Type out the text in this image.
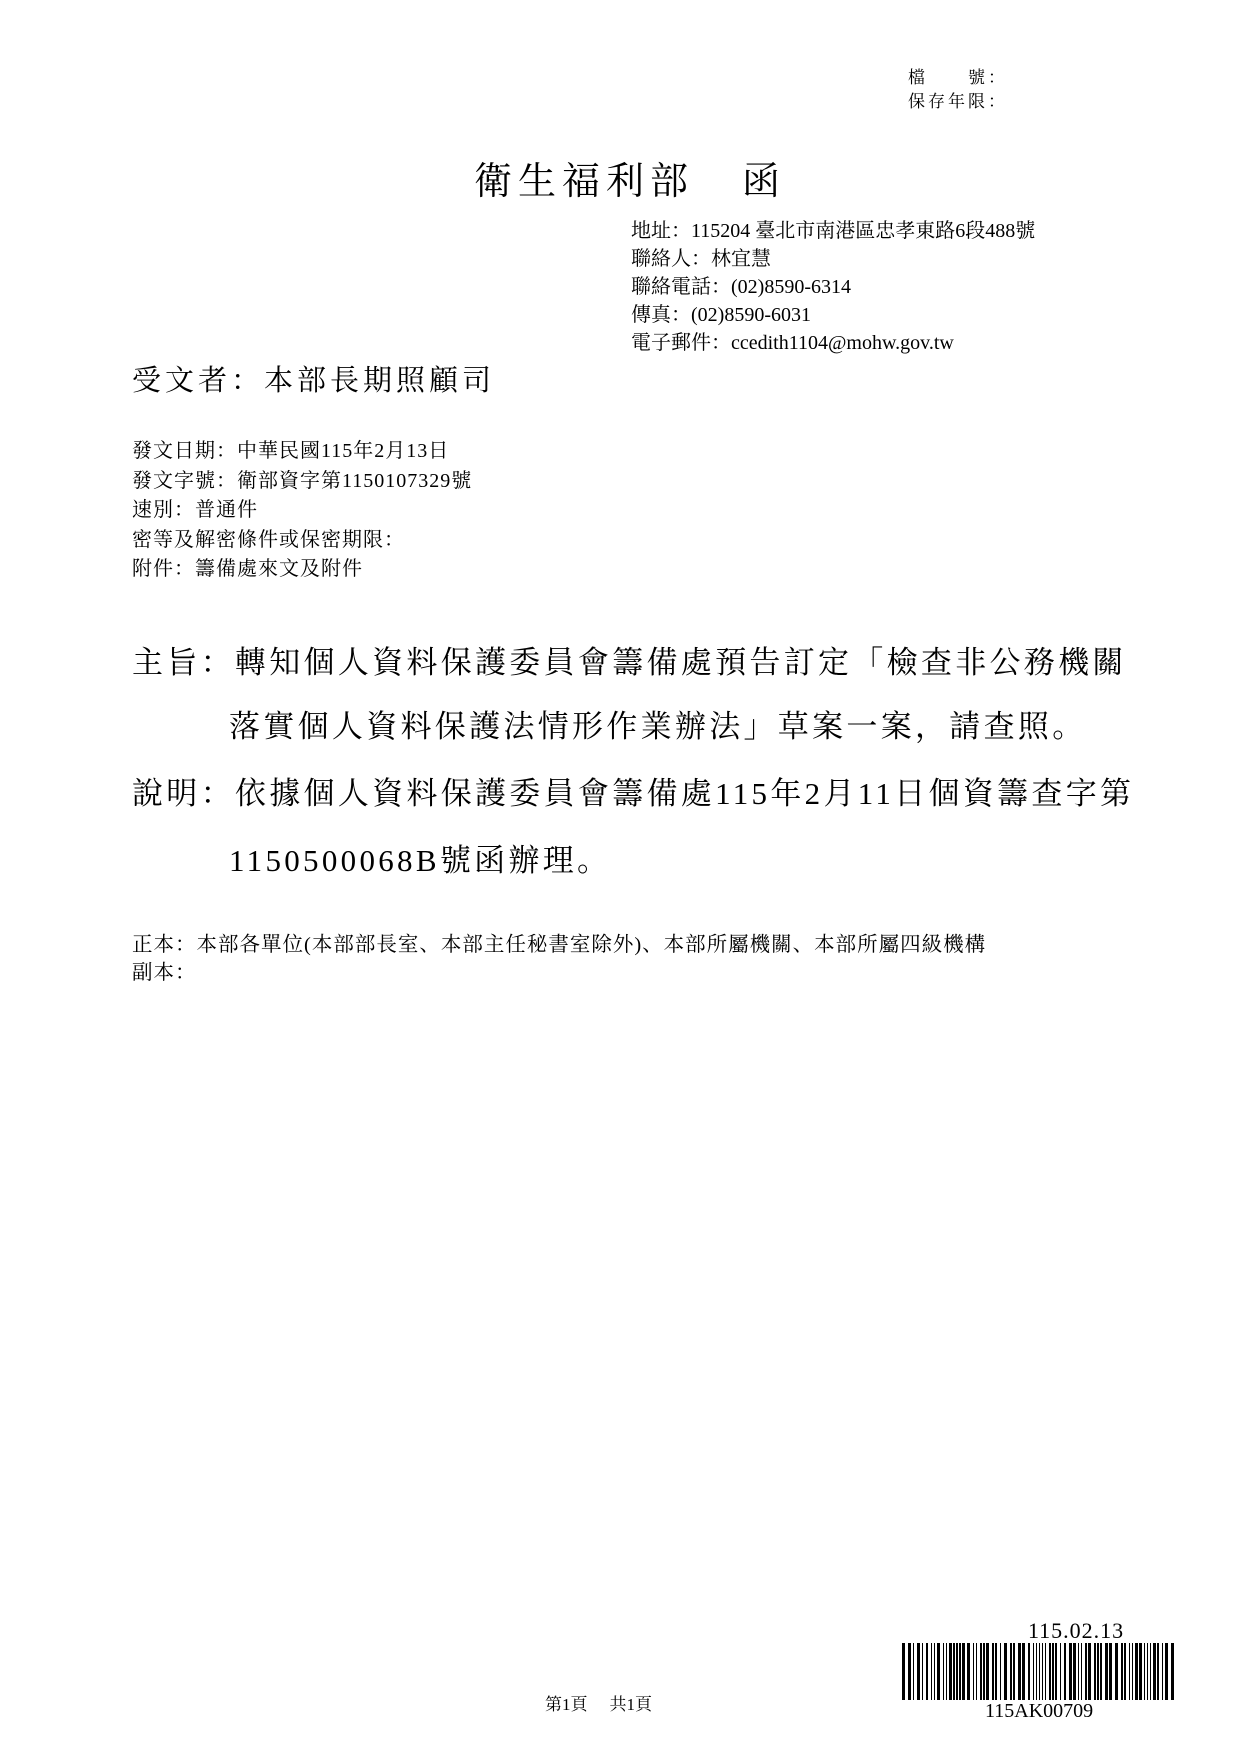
檔　　號：
保存年限：
衛生福利部 函
地址：115204 臺北市南港區忠孝東路6段488號
聯絡人：林宜慧
聯絡電話：(02)8590-6314
傳真：(02)8590-6031
電子郵件：ccedith1104@mohw.gov.tw
受文者：本部長期照顧司
發文日期：中華民國115年2月13日
發文字號：衛部資字第1150107329號
速別：普通件
密等及解密條件或保密期限：
附件：籌備處來文及附件
主旨：轉知個人資料保護委員會籌備處預告訂定「檢查非公務機關
落實個人資料保護法情形作業辦法」草案一案，請查照。
說明：依據個人資料保護委員會籌備處115年2月11日個資籌查字第
1150500068B號函辦理。
正本：本部各單位(本部部長室、本部主任秘書室除外)、本部所屬機關、本部所屬四級機構
副本：
第1頁 共1頁
115.02.13
115AK00709
